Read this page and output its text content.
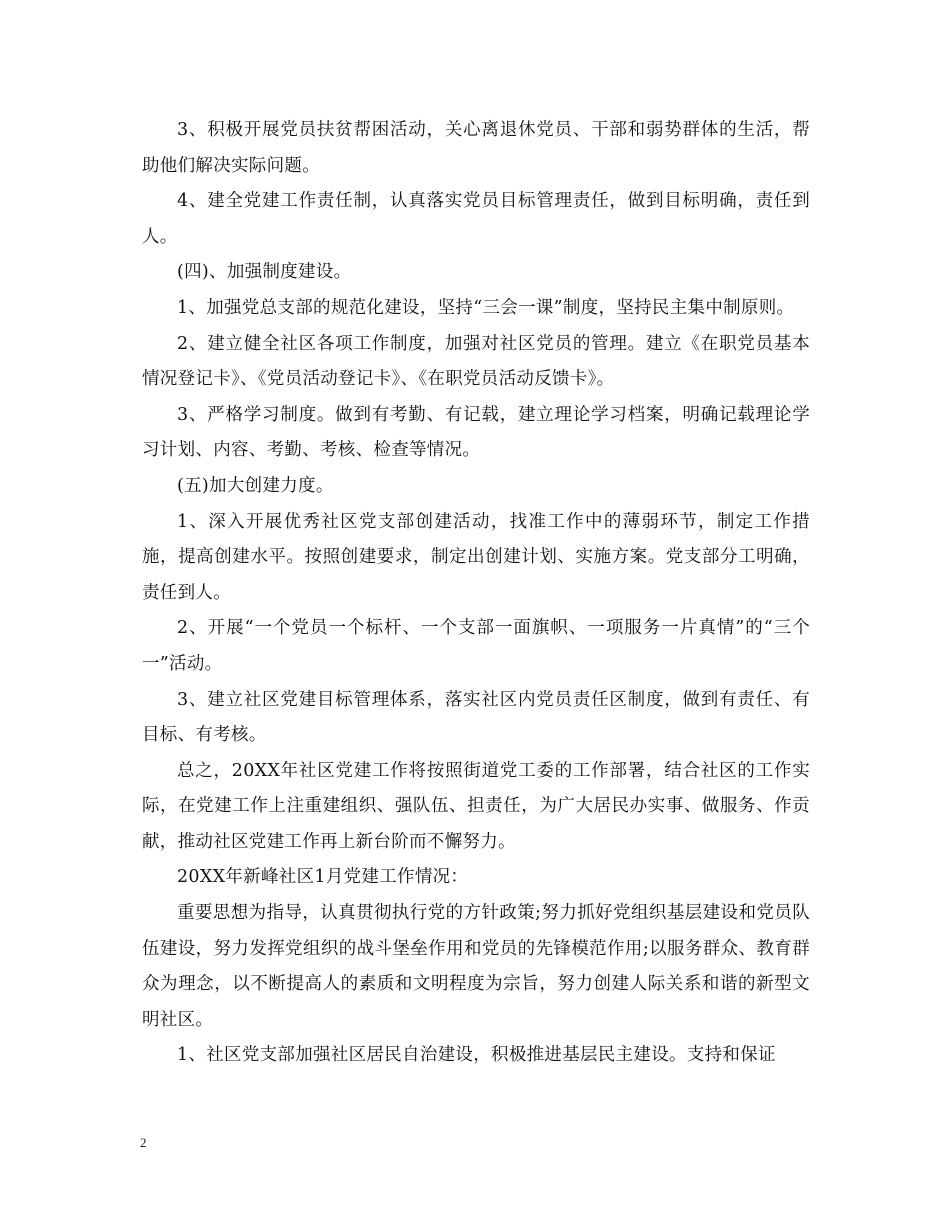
3、积极开展党员扶贫帮困活动，关心离退休党员、干部和弱势群体的生活，帮助他们解决实际问题。

4、建全党建工作责任制，认真落实党员目标管理责任，做到目标明确，责任到人。

(四)、加强制度建设。

1、加强党总支部的规范化建设，坚持“三会一课”制度，坚持民主集中制原则。

2、建立健全社区各项工作制度，加强对社区党员的管理。建立《在职党员基本情况登记卡》、《党员活动登记卡》、《在职党员活动反馈卡》。

3、严格学习制度。做到有考勤、有记载，建立理论学习档案，明确记载理论学习计划、内容、考勤、考核、检查等情况。

(五)加大创建力度。

1、深入开展优秀社区党支部创建活动，找准工作中的薄弱环节，制定工作措施，提高创建水平。按照创建要求，制定出创建计划、实施方案。党支部分工明确，责任到人。

2、开展“一个党员一个标杆、一个支部一面旗帜、一项服务一片真情”的“三个一”活动。

3、建立社区党建目标管理体系，落实社区内党员责任区制度，做到有责任、有目标、有考核。

总之，20XX年社区党建工作将按照街道党工委的工作部署，结合社区的工作实际，在党建工作上注重建组织、强队伍、担责任，为广大居民办实事、做服务、作贡献，推动社区党建工作再上新台阶而不懈努力。

20XX年新峰社区1月党建工作情况：

重要思想为指导，认真贯彻执行党的方针政策;努力抓好党组织基层建设和党员队伍建设，努力发挥党组织的战斗堡垒作用和党员的先锋模范作用;以服务群众、教育群众为理念，以不断提高人的素质和文明程度为宗旨，努力创建人际关系和谐的新型文明社区。

1、社区党支部加强社区居民自治建设，积极推进基层民主建设。支持和保证

2
